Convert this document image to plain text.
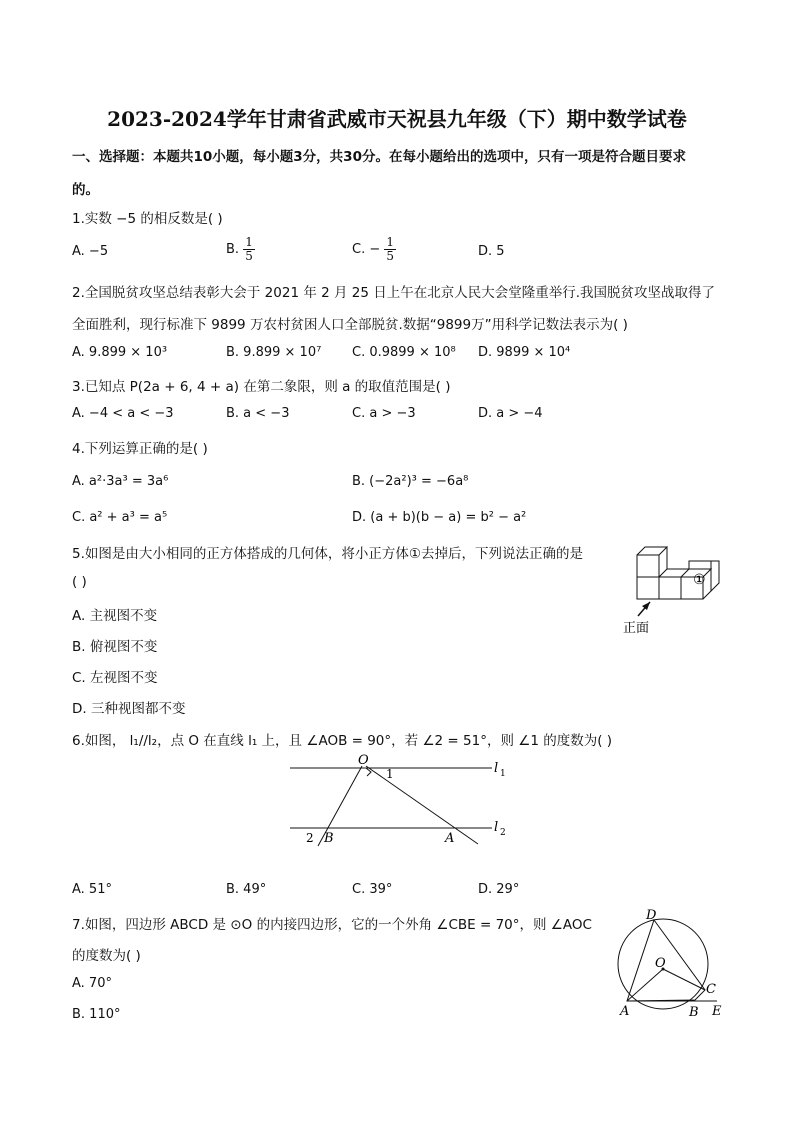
2023-2024学年甘肃省武威市天祝县九年级（下）期中数学试卷
一、选择题：本题共10小题，每小题3分，共30分。在每小题给出的选项中，只有一项是符合题目要求
的。
1.实数 −5 的相反数是( )
A. −5	B. $\frac{1}{5}$	C. − $\frac{1}{5}$	D. 5
2.全国脱贫攻坚总结表彰大会于 2021 年 2 月 25 日上午在北京人民大会堂隆重举行.我国脱贫攻坚战取得了
全面胜利，现行标准下 9899 万农村贫困人口全部脱贫.数据“9899万”用科学记数法表示为( )
A. 9.899 × 10³	B. 9.899 × 10⁷ C. 0.9899 × 10⁸ D. 9899 × 10⁴
3.已知点 P(2a + 6, 4 + a) 在第二象限，则 a 的取值范围是( )
A. −4 < a < −3	B. a < −3	C. a > −3	D. a > −4
4.下列运算正确的是( )
A. a²·3a³ = 3a⁶	B. (−2a²)³ = −6a⁸
C. a² + a³ = a⁵	D. (a + b)(b − a) = b² − a²
5.如图是由大小相同的正方体搭成的几何体，将小正方体①去掉后，下列说法正确的是
( )
A. 主视图不变
B. 俯视图不变
C. 左视图不变
D. 三种视图都不变
①
正面
6.如图， l₁//l₂，点 O 在直线 l₁ 上，且 ∠AOB = 90°，若 ∠2 = 51°，则 ∠1 的度数为( )
O
1	l 1
l 2
2 B	A
A. 51°	B. 49°	C. 39°	D. 29°
7.如图，四边形 ABCD 是 ⊙O 的内接四边形，它的一个外角 ∠CBE = 70°，则 ∠AOC
的度数为( )
A. 70°
B. 110°
D
O
C
A	B E
